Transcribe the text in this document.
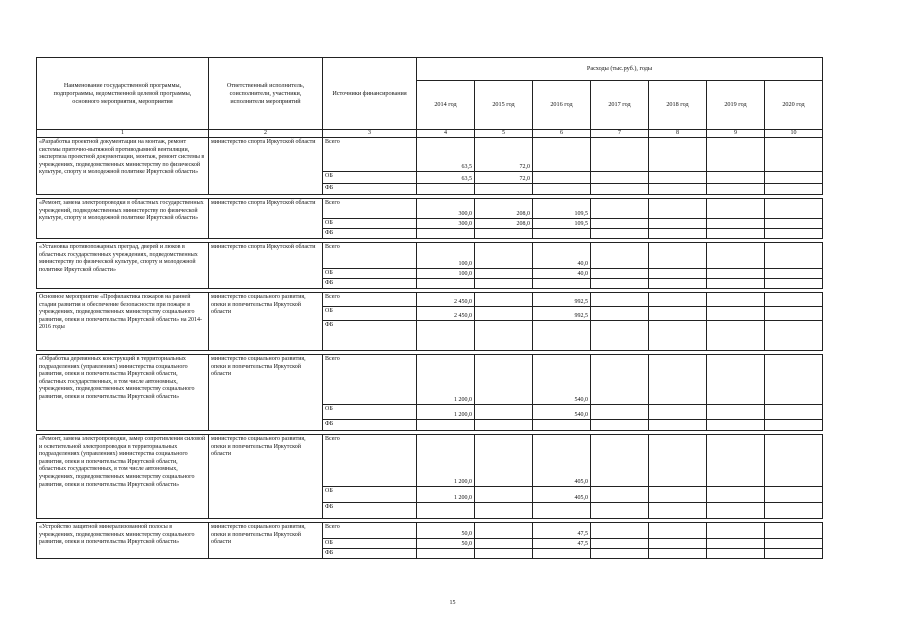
Наименование государственной программы, подпрограммы, ведомственной целевой программы, основного мероприятия, мероприятия	Ответственный исполнитель, соисполнители, участники, исполнители мероприятий	Источники финансирования	Расходы (тыс.руб.), годы						
			2014 год	2015 год	2016 год	2017 год	2018 год	2019 год	2020 год
1	2	3	4	5	6	7	8	9	10
«Разработка проектной документации на монтаж, ремонт системы приточно-вытяжной противодымной вентиляции, экспертиза проектной документации, монтаж, ремонт системы в учреждениях, подведомственных министерству по физической культуре, спорту и молодежной политике Иркутской области»	министерство спорта Иркутской области	Всего	63,5	72,0					

		ОБ	63,5	72,0					

		ФБ	

«Ремонт, замена электропроводки в областных государственных учреждений, подведомственных министерству по физической культуре, спорту и молодежной политике Иркутской области»	министерство спорта Иркутской области	Всего	300,0	208,0	109,5				

		ОБ	300,0	208,0	109,5				

		ФБ	

«Установка противопожарных преград, дверей и люков в областных государственных учреждениях, подведомственных министерству по физической культуре, спорту и молодежной политике Иркутской области»	министерство спорта Иркутской области	Всего	100,0		40,0				

		ОБ	100,0		40,0				

		ФБ	

Основное мероприятие «Профилактика пожаров на ранней стадии развития и обеспечение безопасности при пожаре в учреждениях, подведомственных министерству социального развития, опеки и попечительства Иркутской области» на 2014-2016 годы	министерство социального развития, опеки и попечительства Иркутской области	Всего	2 450,0		992,5				

		ОБ	2 450,0		992,5				

		ФБ	

«Обработка деревянных конструкций в территориальных подразделениях (управлениях) министерства социального развития, опеки и попечительства Иркутской области, областных государственных, в том числе автономных, учреждениях, подведомственных министерству социального развития, опеки и попечительства Иркутской области»	министерство социального развития, опеки и попечительства Иркутской области	Всего	1 200,0		540,0				

		ОБ	1 200,0		540,0				

		ФБ	

«Ремонт, замена электропроводки, замер сопротивления силовой и осветительной электропроводки в территориальных подразделениях (управлениях) министерства социального развития, опеки и попечительства Иркутской области, областных государственных, в том числе автономных, учреждениях, подведомственных министерству социального развития, опеки и попечительства Иркутской области»	министерство социального развития, опеки и попечительства Иркутской области	Всего	1 200,0		405,0				

		ОБ	1 200,0		405,0				

		ФБ	

«Устройство защитной минерализованной полосы в учреждениях, подведомственных министерству социального развития, опеки и попечительства Иркутской области»	министерство социального развития, опеки и попечительства Иркутской области	Всего	50,0		47,5				

		ОБ	50,0		47,5				

		ФБ	

15
